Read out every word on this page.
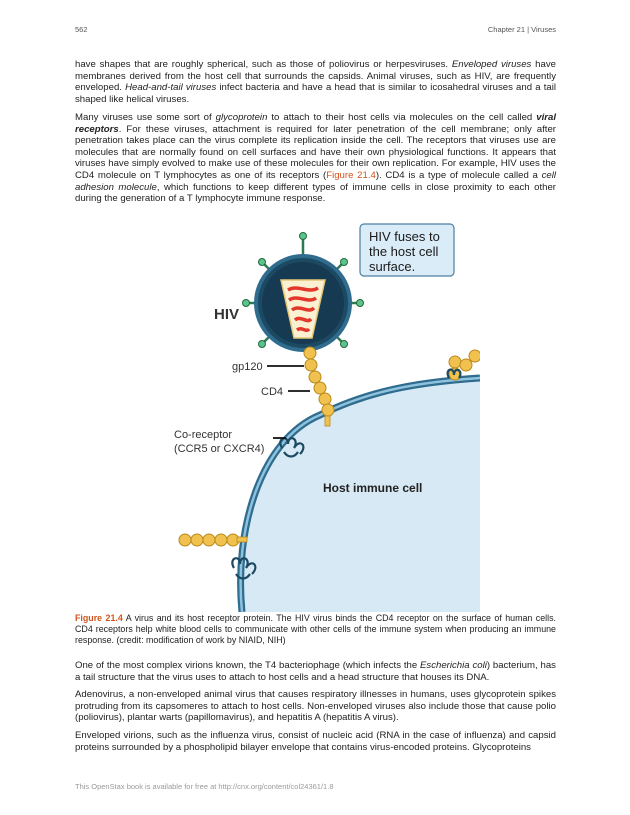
562	Chapter 21 | Viruses

have shapes that are roughly spherical, such as those of poliovirus or herpesviruses. Enveloped viruses have membranes derived from the host cell that surrounds the capsids. Animal viruses, such as HIV, are frequently enveloped. Head-and-tail viruses infect bacteria and have a head that is similar to icosahedral viruses and a tail shaped like helical viruses.

Many viruses use some sort of glycoprotein to attach to their host cells via molecules on the cell called viral receptors. For these viruses, attachment is required for later penetration of the cell membrane; only after penetration takes place can the virus complete its replication inside the cell. The receptors that viruses use are molecules that are normally found on cell surfaces and have their own physiological functions. It appears that viruses have simply evolved to make use of these molecules for their own replication. For example, HIV uses the CD4 molecule on T lymphocytes as one of its receptors (Figure 21.4). CD4 is a type of molecule called a cell adhesion molecule, which functions to keep different types of immune cells in close proximity to each other during the generation of a T lymphocyte immune response.

HIV fuses to
the host cell
surface.
HIV
gp120
CD4
Co-receptor
(CCR5 or CXCR4)
Host immune cell

Figure 21.4 A virus and its host receptor protein. The HIV virus binds the CD4 receptor on the surface of human cells. CD4 receptors help white blood cells to communicate with other cells of the immune system when producing an immune response. (credit: modification of work by NIAID, NIH)

One of the most complex virions known, the T4 bacteriophage (which infects the Escherichia coli) bacterium, has a tail structure that the virus uses to attach to host cells and a head structure that houses its DNA.

Adenovirus, a non-enveloped animal virus that causes respiratory illnesses in humans, uses glycoprotein spikes protruding from its capsomeres to attach to host cells. Non-enveloped viruses also include those that cause polio (poliovirus), plantar warts (papillomavirus), and hepatitis A (hepatitis A virus).

Enveloped virions, such as the influenza virus, consist of nucleic acid (RNA in the case of influenza) and capsid proteins surrounded by a phospholipid bilayer envelope that contains virus-encoded proteins. Glycoproteins

This OpenStax book is available for free at http://cnx.org/content/col24361/1.8
